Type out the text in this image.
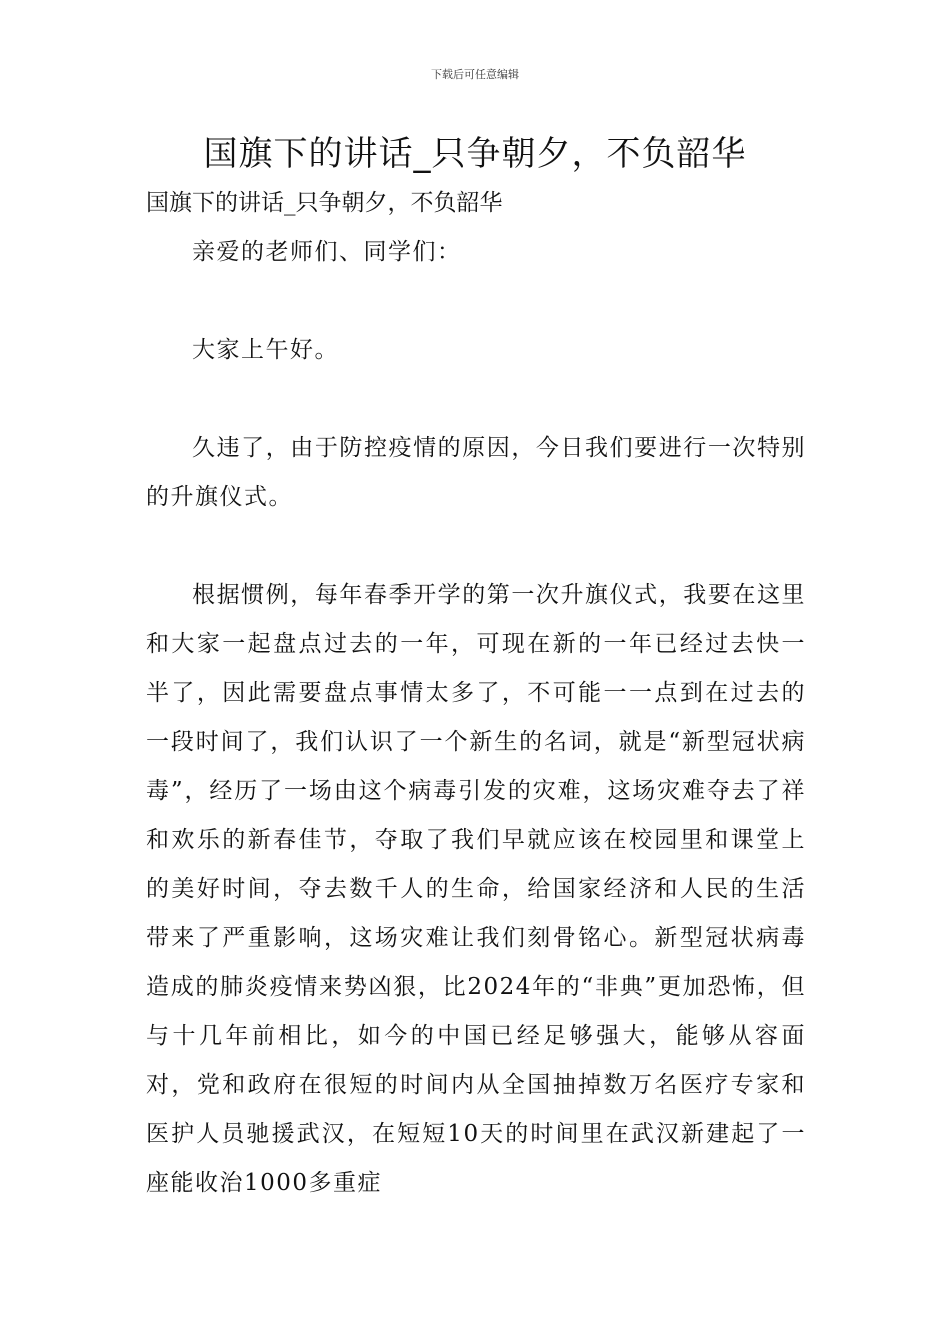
下载后可任意编辑
国旗下的讲话_只争朝夕，不负韶华
国旗下的讲话_只争朝夕，不负韶华

亲爱的老师们、同学们：

大家上午好。

久违了，由于防控疫情的原因，今日我们要进行一次特别的升旗仪式。

根据惯例，每年春季开学的第一次升旗仪式，我要在这里和大家一起盘点过去的一年，可现在新的一年已经过去快一半了，因此需要盘点事情太多了，不可能一一点到在过去的一段时间了，我们认识了一个新生的名词，就是“新型冠状病毒”，经历了一场由这个病毒引发的灾难，这场灾难夺去了祥和欢乐的新春佳节，夺取了我们早就应该在校园里和课堂上的美好时间，夺去数千人的生命，给国家经济和人民的生活带来了严重影响，这场灾难让我们刻骨铭心。新型冠状病毒造成的肺炎疫情来势凶狠，比2024年的“非典”更加恐怖，但与十几年前相比，如今的中国已经足够强大，能够从容面对，党和政府在很短的时间内从全国抽掉数万名医疗专家和医护人员驰援武汉，在短短10天的时间里在武汉新建起了一座能收治1000多重症
